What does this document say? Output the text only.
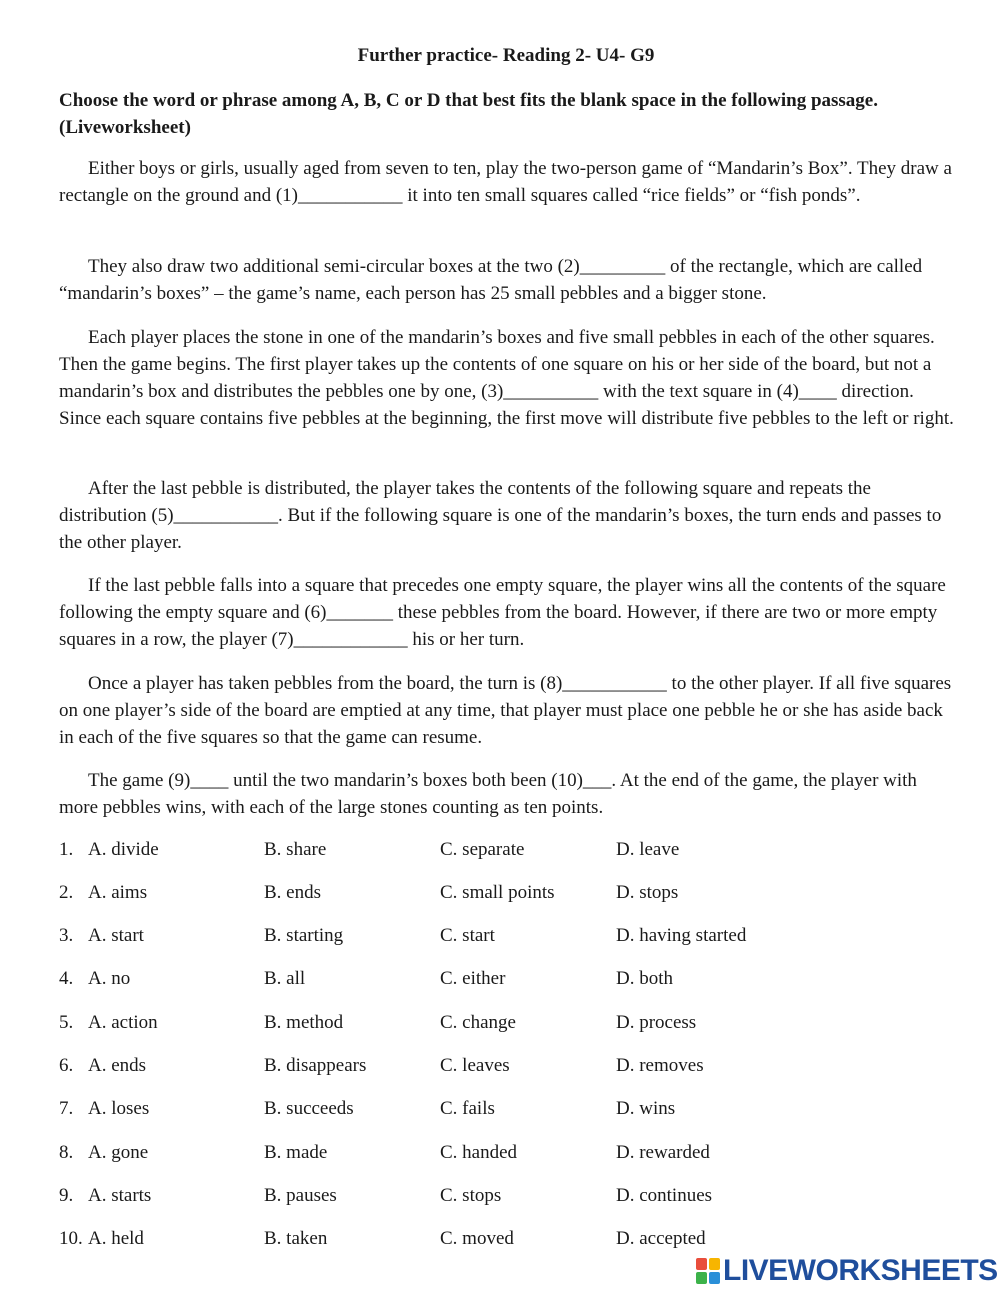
Further practice- Reading 2- U4- G9
Choose the word or phrase among A, B, C or D that best fits the blank space in the following passage. (Liveworksheet)

Either boys or girls, usually aged from seven to ten, play the two-person game of “Mandarin’s Box”. They draw a rectangle on the ground and (1)___________ it into ten small squares called “rice fields” or “fish ponds”.

They also draw two additional semi-circular boxes at the two (2)_________ of the rectangle, which are called “mandarin’s boxes” – the game’s name, each person has 25 small pebbles and a bigger stone.

Each player places the stone in one of the mandarin’s boxes and five small pebbles in each of the other squares. Then the game begins. The first player takes up the contents of one square on his or her side of the board, but not a mandarin’s box and distributes the pebbles one by one, (3)__________ with the text square in (4)____ direction. Since each square contains five pebbles at the beginning, the first move will distribute five pebbles to the left or right.

After the last pebble is distributed, the player takes the contents of the following square and repeats the distribution (5)___________. But if the following square is one of the mandarin’s boxes, the turn ends and passes to the other player.

If the last pebble falls into a square that precedes one empty square, the player wins all the contents of the square following the empty square and (6)_______ these pebbles from the board. However, if there are two or more empty squares in a row, the player (7)____________ his or her turn.

Once a player has taken pebbles from the board, the turn is (8)___________ to the other player. If all five squares on one player’s side of the board are emptied at any time, that player must place one pebble he or she has aside back in each of the five squares so that the game can resume.

The game (9)____ until the two mandarin’s boxes both been (10)___. At the end of the game, the player with more pebbles wins, with each of the large stones counting as ten points.

1. A. divide	B. share	C. separate	D. leave
2. A. aims	B. ends	C. small points	D. stops
3. A. start	B. starting	C. start	D. having started
4. A. no	B. all	C. either	D. both
5. A. action	B. method	C. change	D. process
6. A. ends	B. disappears	C. leaves	D. removes
7. A. loses	B. succeeds	C. fails	D. wins
8. A. gone	B. made	C. handed	D. rewarded
9. A. starts	B. pauses	C. stops	D. continues
10. A. held	B. taken	C. moved	D. accepted
LIVEWORKSHEETS
